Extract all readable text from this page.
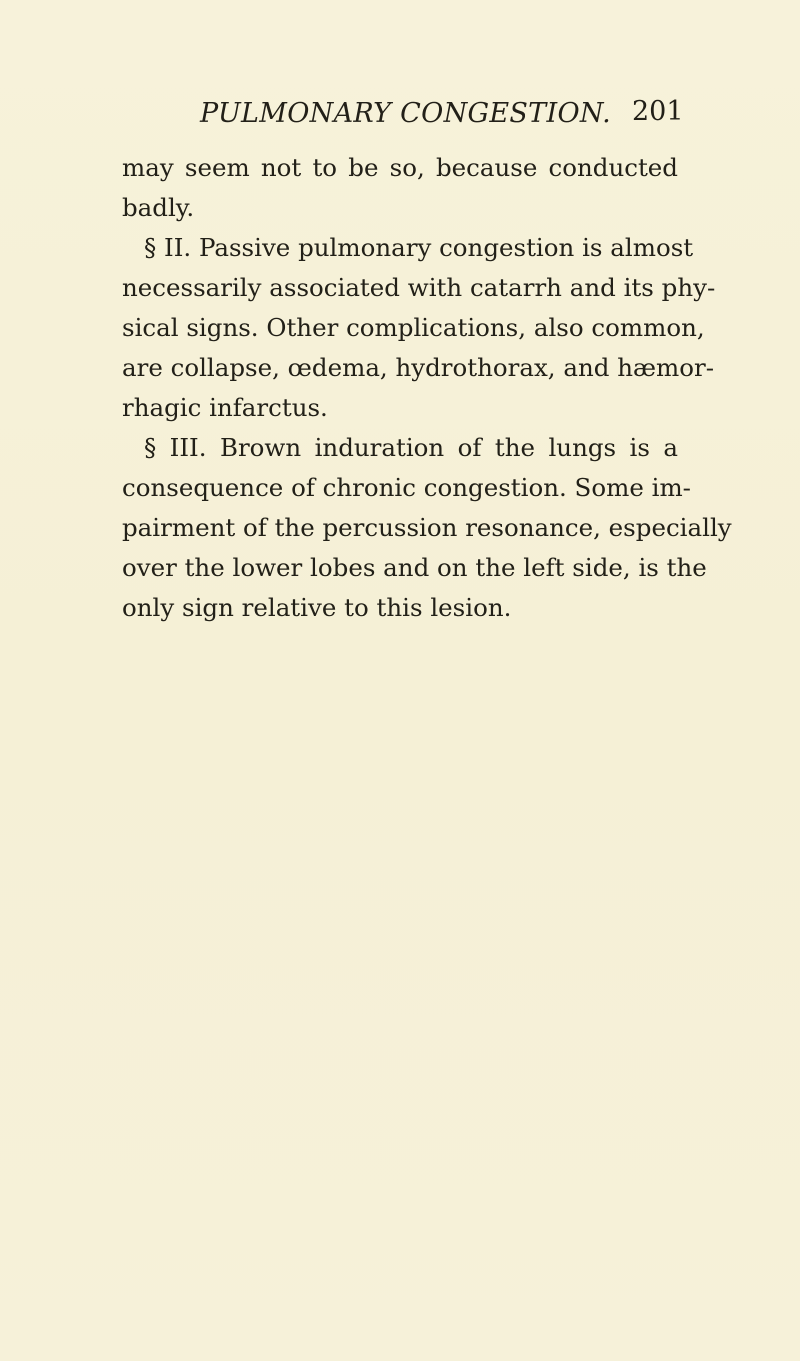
PULMONARY CONGESTION. 201
may seem not to be so, because conducted
badly.
§ II. Passive pulmonary congestion is almost
necessarily associated with catarrh and its phy-
sical signs. Other complications, also common,
are collapse, œdema, hydrothorax, and hæmor-
rhagic infarctus.
§ III. Brown induration of the lungs is a
consequence of chronic congestion. Some im-
pairment of the percussion resonance, especially
over the lower lobes and on the left side, is the
only sign relative to this lesion.
